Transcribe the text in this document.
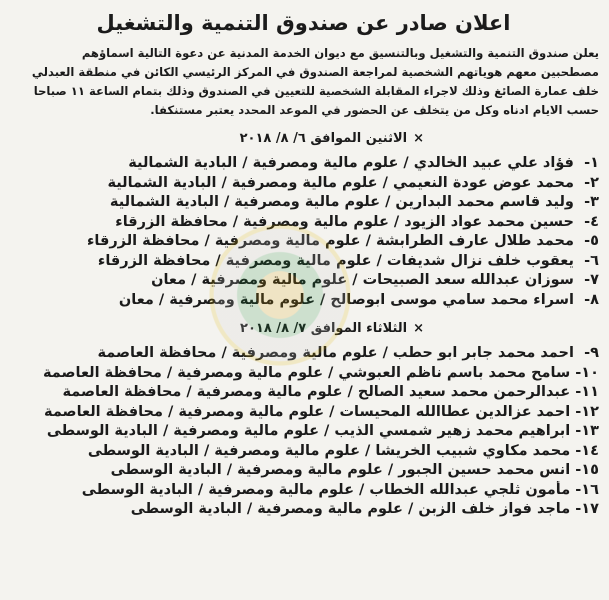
اعلان صادر عن صندوق التنمية والتشغيل

يعلن صندوق التنمية والتشغيل وبالتنسيق مع ديوان الخدمة المدنية عن دعوة التالية اسماؤهم

مصطحبين معهم هوياتهم الشخصية لمراجعة الصندوق في المركز الرئيسي الكائن في منطقة العبدلي

خلف عمارة الصائغ وذلك لاجراء المقابلة الشخصية للتعيين في الصندوق وذلك بتمام الساعة ١١ صباحا

حسب الايام ادناه وكل من يتخلف عن الحضور في الموعد المحدد يعتبر مستنكفا.

×الاثنين الموافق ٦/ ٨/ ٢٠١٨
١- فؤاد علي عبيد الخالدي / علوم مالية ومصرفية / البادية الشمالية
٢- محمد عوض عودة النعيمي / علوم مالية ومصرفية / البادية الشمالية
٣- وليد قاسم محمد البدارين / علوم مالية ومصرفية / البادية الشمالية
٤- حسين محمد عواد الزيود / علوم مالية ومصرفية / محافظة الزرقاء
٥- محمد طلال عارف الطرابشة / علوم مالية ومصرفية / محافظة الزرقاء
٦- يعقوب خلف نزال شديفات / علوم مالية ومصرفية / محافظة الزرقاء
٧- سوزان عبدالله سعد الصبيحات / علوم مالية ومصرفية / معان
٨- اسراء محمد سامي موسى ابوصالح / علوم مالية ومصرفية / معان
×الثلاثاء الموافق ٧/ ٨/ ٢٠١٨
٩- احمد محمد جابر ابو حطب / علوم مالية ومصرفية / محافظة العاصمة
١٠- سامح محمد باسم ناظم العبوشي / علوم مالية ومصرفية / محافظة العاصمة
١١- عبدالرحمن محمد سعيد الصالح / علوم مالية ومصرفية / محافظة العاصمة
١٢- احمد عزالدين عطاالله المحيسات / علوم مالية ومصرفية / محافظة العاصمة
١٣- ابراهيم محمد زهير شمسي الذيب / علوم مالية ومصرفية / البادية الوسطى
١٤- محمد مكاوي شبيب الخريشا / علوم مالية ومصرفية / البادية الوسطى
١٥- انس محمد حسين الجبور / علوم مالية ومصرفية / البادية الوسطى
١٦- مأمون ثلجي عبدالله الخطاب / علوم مالية ومصرفية / البادية الوسطى
١٧- ماجد فواز خلف الزبن / علوم مالية ومصرفية / البادية الوسطى
